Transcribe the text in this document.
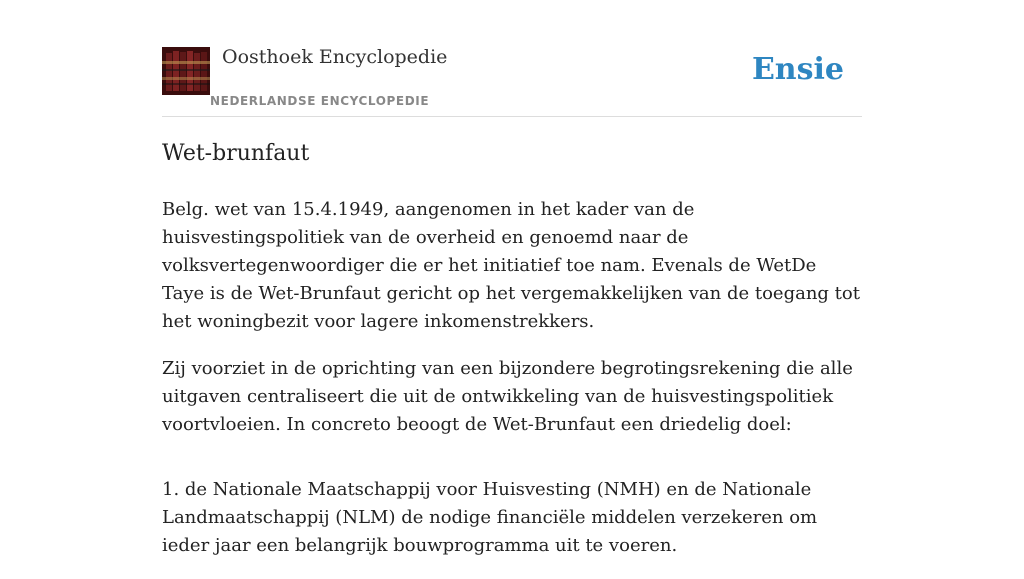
Oosthoek Encyclopedie
NEDERLANDSE ENCYCLOPEDIE
Ensie
Wet-brunfaut

Belg. wet van 15.4.1949, aangenomen in het kader van de huisvestingspolitiek van de overheid en genoemd naar de volksvertegenwoordiger die er het initiatief toe nam. Evenals de WetDe Taye is de Wet-Brunfaut gericht op het vergemakkelijken van de toegang tot het woningbezit voor lagere inkomenstrekkers.

Zij voorziet in de oprichting van een bijzondere begrotingsrekening die alle uitgaven centraliseert die uit de ontwikkeling van de huisvestingspolitiek voortvloeien. In concreto beoogt de Wet-Brunfaut een driedelig doel:

1. de Nationale Maatschappij voor Huisvesting (NMH) en de Nationale Landmaatschappij (NLM) de nodige financiële middelen verzekeren om ieder jaar een belangrijk bouwprogramma uit te voeren.
